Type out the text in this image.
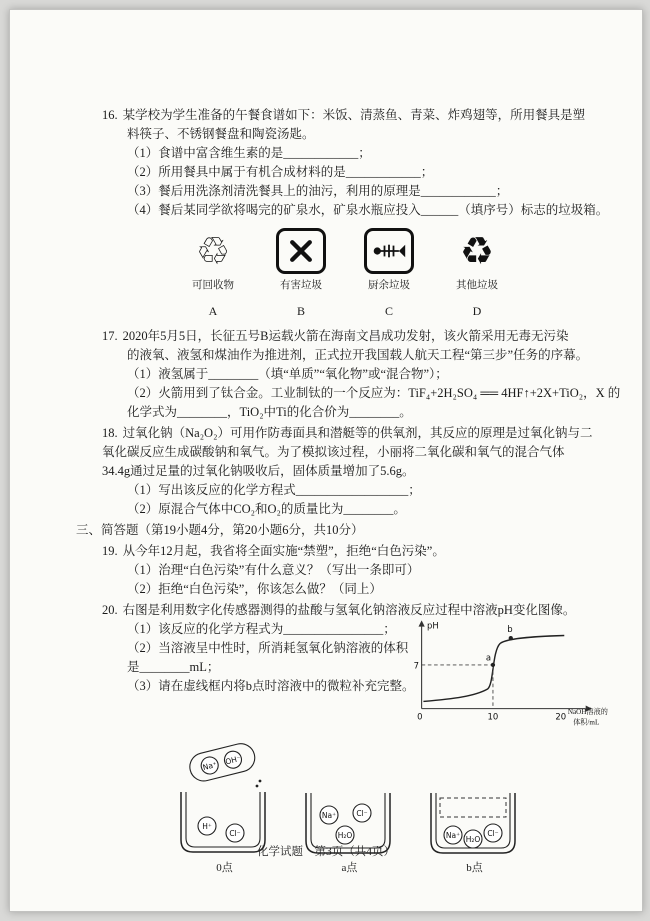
16. 某学校为学生准备的午餐食谱如下：米饭、清蒸鱼、青菜、炸鸡翅等，所用餐具是塑
料筷子、不锈钢餐盘和陶瓷汤匙。
（1）食谱中富含维生素的是____________；
（2）所用餐具中属于有机合成材料的是____________；
（3）餐后用洗涤剂清洗餐具上的油污，利用的原理是____________；
（4）餐后某同学欲将喝完的矿泉水，矿泉水瓶应投入______（填序号）标志的垃圾箱。
♲
可回收物
A
有害垃圾
B
厨余垃圾
C
♻
其他垃圾
D
17. 2020年5月5日，长征五号B运载火箭在海南文昌成功发射，该火箭采用无毒无污染
的液氧、液氢和煤油作为推进剂，正式拉开我国载人航天工程“第三步”任务的序幕。
（1）液氢属于________（填“单质”“氧化物”或“混合物”）；
（2）火箭用到了钛合金。工业制钛的一个反应为：TiF₄+2H₂SO₄ ══ 4HF↑+2X+TiO₂，X 的
化学式为________，TiO₂中Ti的化合价为________。
18. 过氧化钠（Na₂O₂）可用作防毒面具和潜艇等的供氧剂，其反应的原理是过氧化钠与二
氧化碳反应生成碳酸钠和氧气。为了模拟该过程，小丽将二氧化碳和氧气的混合气体
34.4g通过足量的过氧化钠吸收后，固体质量增加了5.6g。
（1）写出该反应的化学方程式__________________；
（2）原混合气体中CO₂和O₂的质量比为________。
三、简答题（第19小题4分，第20小题6分，共10分）
19. 从今年12月起，我省将全面实施“禁塑”，拒绝“白色污染”。
（1）治理“白色污染”有什么意义？（写出一条即可）
（2）拒绝“白色污染”，你该怎么做？（同上）
20. 右图是利用数字化传感器测得的盐酸与氢氧化钠溶液反应过程中溶液pH变化图像。
（1）该反应的化学方程式为________________；
（2）当溶液呈中性时，所消耗氢氧化钠溶液的体积
是________mL；
（3）请在虚线框内将b点时溶液中的微粒补充完整。
pH
7
a
b
0	10	20 NaOH溶液的
体积/mL
Na⁺ OH⁻
H⁺
Cl⁻
0点
Na⁺	Cl⁻
H₂O
a点
Na⁺ H₂O
Cl⁻
b点
化学试题　第3页（共4页）
